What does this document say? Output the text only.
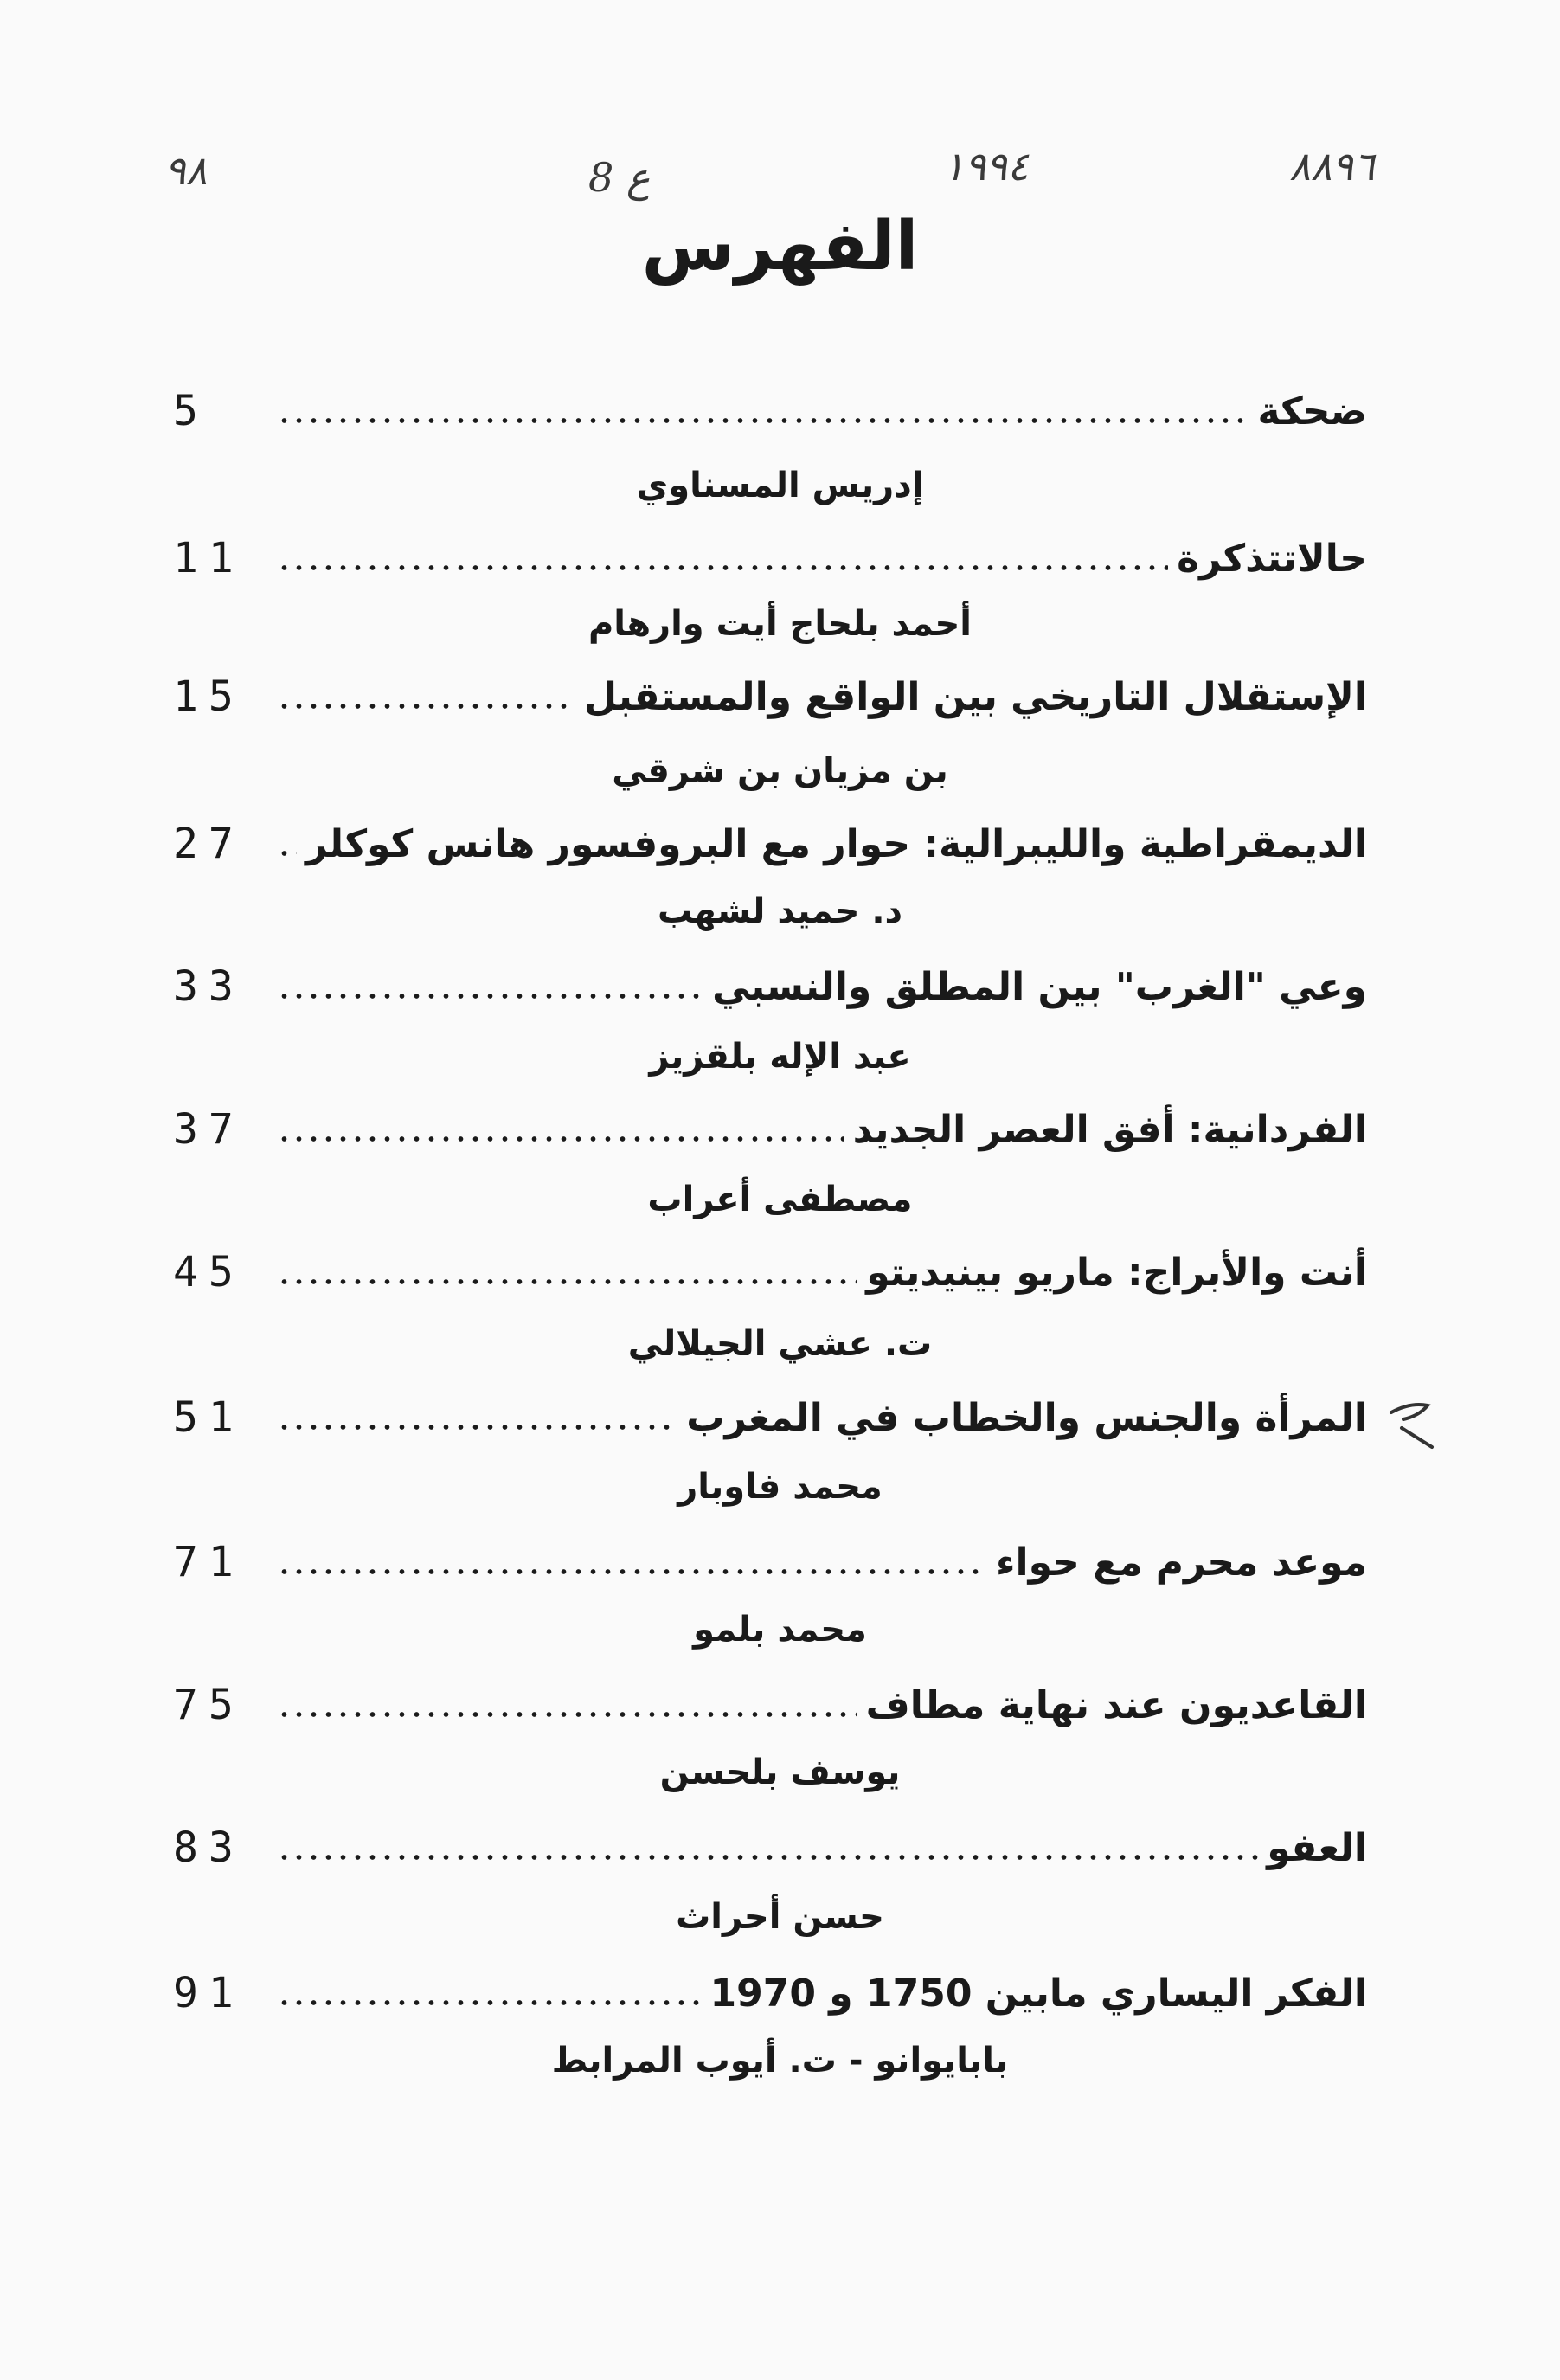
٩٨	8 ع	١٩٩٤	٨٨٩٦
الفهرس
5	ضحكة
إدريس المسناوي
11	حالاتتذكرة
أحمد بلحاج أيت وارهام
15	الإستقلال التاريخي بين الواقع والمستقبل
بن مزيان بن شرقي
27	الديمقراطية والليبرالية: حوار مع البروفسور هانس كوكلر
د. حميد لشهب
33	وعي "الغرب" بين المطلق والنسبي
عبد الإله بلقزيز
37	الفردانية: أفق العصر الجديد
مصطفى أعراب
45	أنت والأبراج: ماريو بينيديتو
ت. عشي الجيلالي
51	المرأة والجنس والخطاب في المغرب
محمد فاوبار
71	موعد محرم مع حواء
محمد بلمو
75	القاعديون عند نهاية مطاف
يوسف بلحسن
83	العفو
حسن أحراث
91	الفكر اليساري مابين 1750 و 1970
بابايوانو - ت. أيوب المرابط
